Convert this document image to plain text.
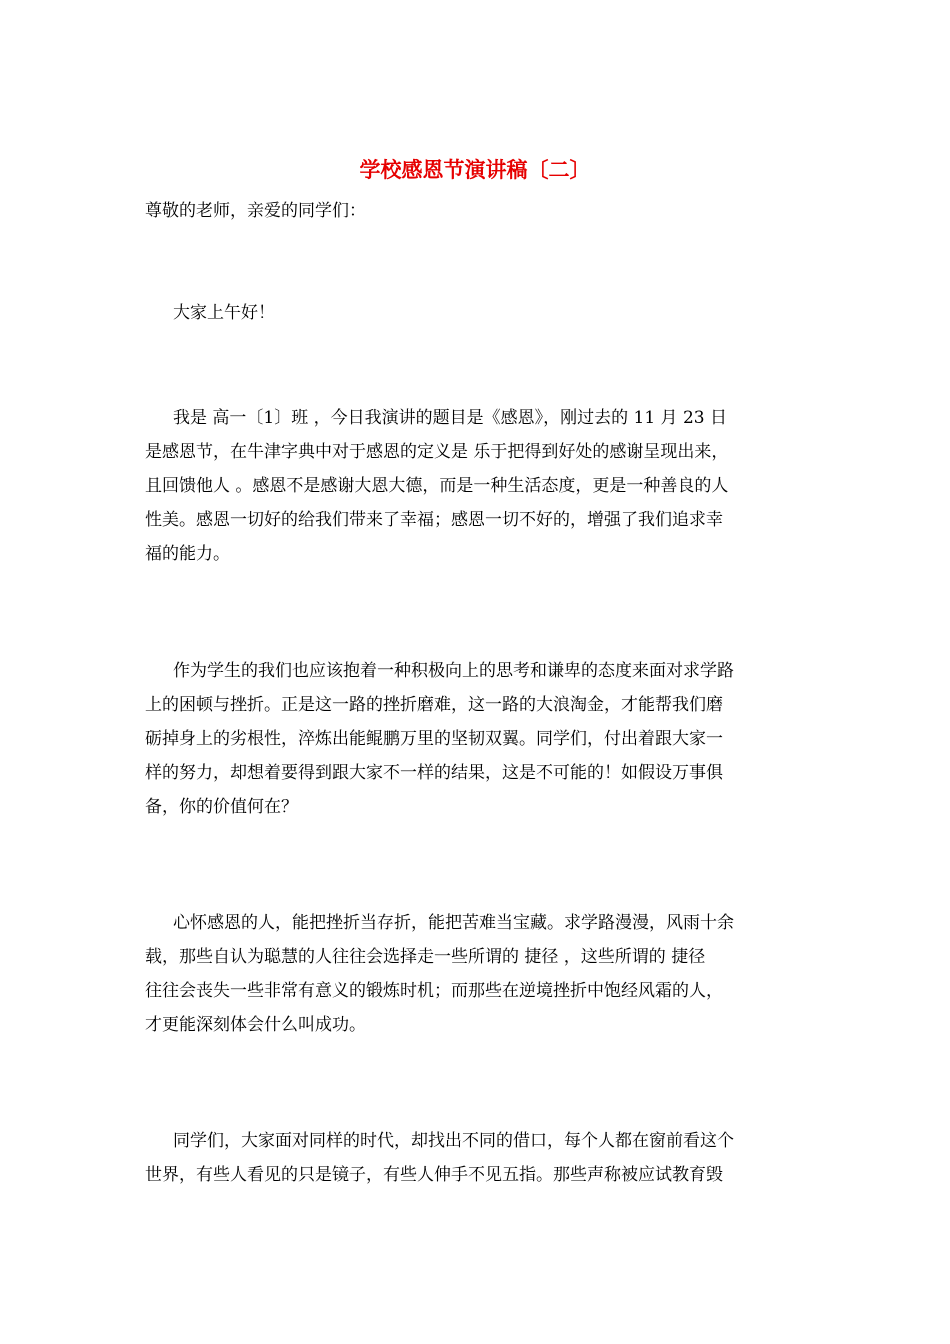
学校感恩节演讲稿〔二〕
尊敬的老师，亲爱的同学们：
大家上午好！
我是 高一〔1〕班 ，今日我演讲的题目是《感恩》，刚过去的 11 月 23 日
是感恩节，在牛津字典中对于感恩的定义是 乐于把得到好处的感谢呈现出来，
且回馈他人 。感恩不是感谢大恩大德，而是一种生活态度，更是一种善良的人
性美。感恩一切好的给我们带来了幸福；感恩一切不好的，增强了我们追求幸
福的能力。
作为学生的我们也应该抱着一种积极向上的思考和谦卑的态度来面对求学路
上的困顿与挫折。正是这一路的挫折磨难，这一路的大浪淘金，才能帮我们磨
砺掉身上的劣根性，淬炼出能鲲鹏万里的坚韧双翼。同学们，付出着跟大家一
样的努力，却想着要得到跟大家不一样的结果，这是不可能的！如假设万事俱
备，你的价值何在？
心怀感恩的人，能把挫折当存折，能把苦难当宝藏。求学路漫漫，风雨十余
载，那些自认为聪慧的人往往会选择走一些所谓的 捷径 ，这些所谓的 捷径
往往会丧失一些非常有意义的锻炼时机；而那些在逆境挫折中饱经风霜的人，
才更能深刻体会什么叫成功。
同学们，大家面对同样的时代，却找出不同的借口，每个人都在窗前看这个
世界，有些人看见的只是镜子，有些人伸手不见五指。那些声称被应试教育毁
